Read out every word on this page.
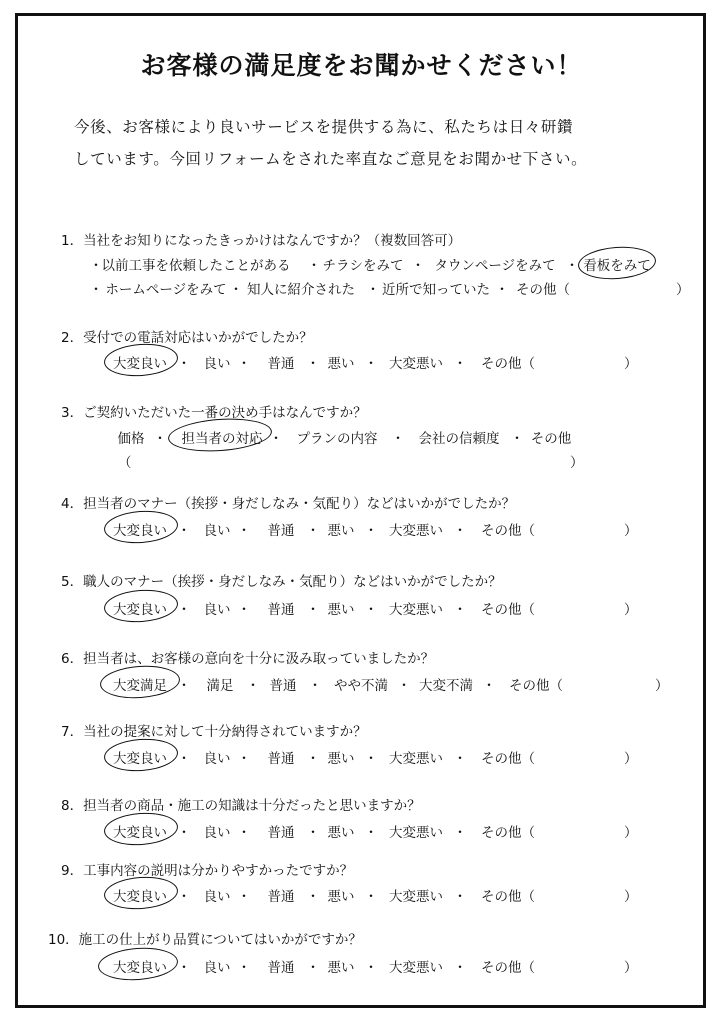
お客様の満足度をお聞かせください！
今後、お客様により良いサービスを提供する為に、私たちは日々研鑽
しています。今回リフォームをされた率直なご意見をお聞かせ下さい。
1．当社をお知りになったきっかけはなんですか？（複数回答可）
・
以前工事を依頼したことがある ・ チラシをみて ・ タウンページをみて ・ 看板をみて
・ ホームページをみて ・ 知人に紹介された ・ 近所で知っていた ・ その他（	）
2．受付での電話対応はいかがでしたか？
大変良い ・ 良い ・ 普通 ・ 悪い ・ 大変悪い ・ その他（	）
3．ご契約いただいた一番の決め手はなんですか？
価格 ・ 担当者の対応 ・ プランの内容 ・ 会社の信頼度 ・ その他
（	）
4．担当者のマナー（挨拶・身だしなみ・気配り）などはいかがでしたか？
大変良い ・ 良い ・ 普通 ・ 悪い ・ 大変悪い ・ その他（	）
5．職人のマナー（挨拶・身だしなみ・気配り）などはいかがでしたか？
大変良い ・ 良い ・ 普通 ・ 悪い ・ 大変悪い ・ その他（	）
6．担当者は、お客様の意向を十分に汲み取っていましたか？
大変満足 ・ 満足 ・ 普通 ・ やや不満 ・ 大変不満 ・ その他（	）
7．当社の提案に対して十分納得されていますか？
大変良い ・ 良い ・ 普通 ・ 悪い ・ 大変悪い ・ その他（	）
8．担当者の商品・施工の知識は十分だったと思いますか？
大変良い ・ 良い ・ 普通 ・ 悪い ・ 大変悪い ・ その他（	）
9．工事内容の説明は分かりやすかったですか？
大変良い ・ 良い ・ 普通 ・ 悪い ・ 大変悪い ・ その他（	）
10．施工の仕上がり品質についてはいかがですか？
大変良い ・ 良い ・ 普通 ・ 悪い ・ 大変悪い ・ その他（	）
